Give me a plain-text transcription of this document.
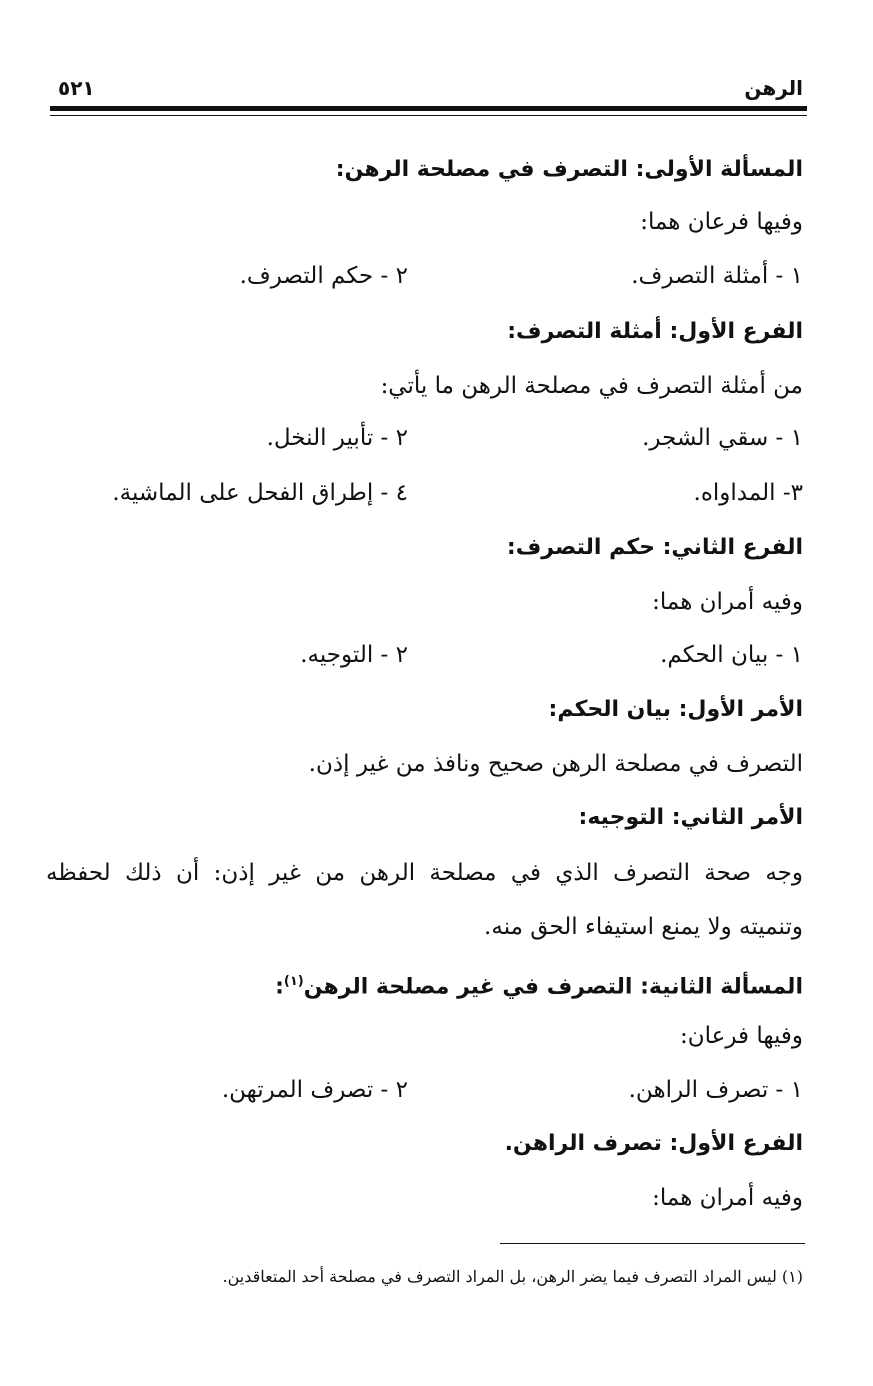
الرهن
٥٢١
المسألة الأولى: التصرف في مصلحة الرهن:
وفيها فرعان هما:
١ - أمثلة التصرف.
٢ - حكم التصرف.
الفرع الأول: أمثلة التصرف:
من أمثلة التصرف في مصلحة الرهن ما يأتي:
١ - سقي الشجر.
٢ - تأبير النخل.
٣- المداواه.
٤ - إطراق الفحل على الماشية.
الفرع الثاني: حكم التصرف:
وفيه أمران هما:
١ - بيان الحكم.
٢ - التوجيه.
الأمر الأول: بيان الحكم:
التصرف في مصلحة الرهن صحيح ونافذ من غير إذن.
الأمر الثاني: التوجيه:
وجه صحة التصرف الذي في مصلحة الرهن من غير إذن: أن ذلك لحفظه
وتنميته ولا يمنع استيفاء الحق منه.
المسألة الثانية: التصرف في غير مصلحة الرهن$^{(١)}$:
وفيها فرعان:
١ - تصرف الراهن.
٢ - تصرف المرتهن.
الفرع الأول: تصرف الراهن.
وفيه أمران هما:
(١) ليس المراد التصرف فيما يضر الرهن، بل المراد التصرف في مصلحة أحد المتعاقدين.
